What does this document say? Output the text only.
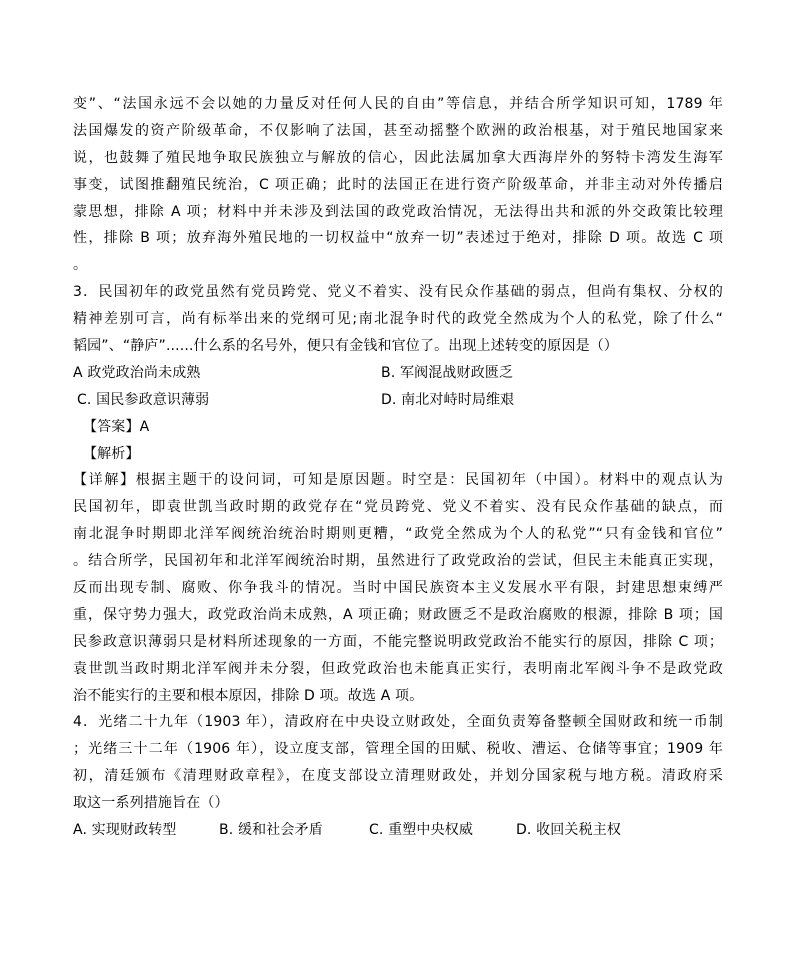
变”、“法国永远不会以她的力量反对任何人民的自由”等信息，并结合所学知识可知，1789 年
法国爆发的资产阶级革命，不仅影响了法国，甚至动摇整个欧洲的政治根基，对于殖民地国家来
说，也鼓舞了殖民地争取民族独立与解放的信心，因此法属加拿大西海岸外的努特卡湾发生海军
事变，试图推翻殖民统治，C 项正确；此时的法国正在进行资产阶级革命，并非主动对外传播启
蒙思想，排除 A 项；材料中并未涉及到法国的政党政治情况，无法得出共和派的外交政策比较理
性，排除 B 项；放弃海外殖民地的一切权益中“放弃一切”表述过于绝对，排除 D 项。故选 C 项
。
3．民国初年的政党虽然有党员跨党、党义不着实、没有民众作基础的弱点，但尚有集权、分权的
精神差别可言，尚有标举出来的党纲可见;南北混争时代的政党全然成为个人的私党，除了什么“
韬园”、“静庐”......什么系的名号外，便只有金钱和官位了。出现上述转变的原因是（）
A 政党政治尚未成熟	B. 军阀混战财政匮乏
C. 国民参政意识薄弱	D. 南北对峙时局维艰
【答案】A
【解析】
【详解】根据主题干的设问词，可知是原因题。时空是：民国初年（中国）。材料中的观点认为
民国初年，即袁世凯当政时期的政党存在“党员跨党、党义不着实、没有民众作基础的缺点，而
南北混争时期即北洋军阀统治统治时期则更糟，“政党全然成为个人的私党”“只有金钱和官位”
。结合所学，民国初年和北洋军阀统治时期，虽然进行了政党政治的尝试，但民主未能真正实现，
反而出现专制、腐败、你争我斗的情况。当时中国民族资本主义发展水平有限，封建思想束缚严
重，保守势力强大，政党政治尚未成熟，A 项正确；财政匮乏不是政治腐败的根源，排除 B 项；国
民参政意识薄弱只是材料所述现象的一方面，不能完整说明政党政治不能实行的原因，排除 C 项；
袁世凯当政时期北洋军阀并未分裂，但政党政治也未能真正实行，表明南北军阀斗争不是政党政
治不能实行的主要和根本原因，排除 D 项。故选 A 项。
4．光绪二十九年（1903 年），清政府在中央设立财政处，全面负责筹备整顿全国财政和统一币制
；光绪三十二年（1906 年），设立度支部，管理全国的田赋、税收、漕运、仓储等事宜；1909 年
初，清廷颁布《清理财政章程》，在度支部设立清理财政处，并划分国家税与地方税。清政府采
取这一系列措施旨在（）
A. 实现财政转型	B. 缓和社会矛盾	C. 重塑中央权威	D. 收回关税主权
